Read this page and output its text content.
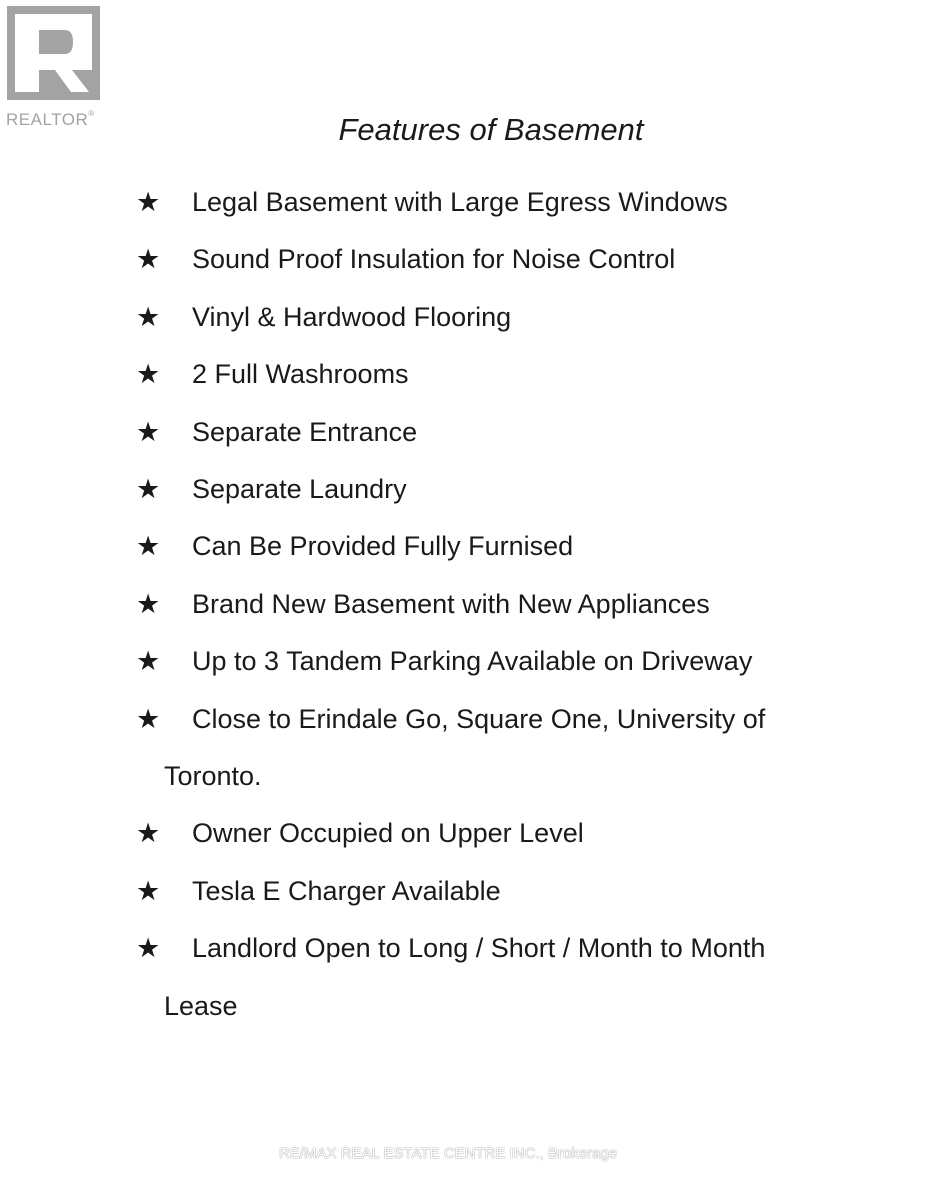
REALTOR®	Features of Basement
★	Legal Basement with Large Egress Windows
★	Sound Proof Insulation for Noise Control
★	Vinyl & Hardwood Flooring
★	2 Full Washrooms
★	Separate Entrance
★	Separate Laundry
★	Can Be Provided Fully Furnised
★	Brand New Basement with New Appliances
★	Up to 3 Tandem Parking Available on Driveway
★	Close to Erindale Go, Square One, University of
Toronto.
★	Owner Occupied on Upper Level
★	Tesla E Charger Available
★	Landlord Open to Long / Short / Month to Month
Lease
RE/MAX REAL ESTATE CENTRE INC., Brokerage
